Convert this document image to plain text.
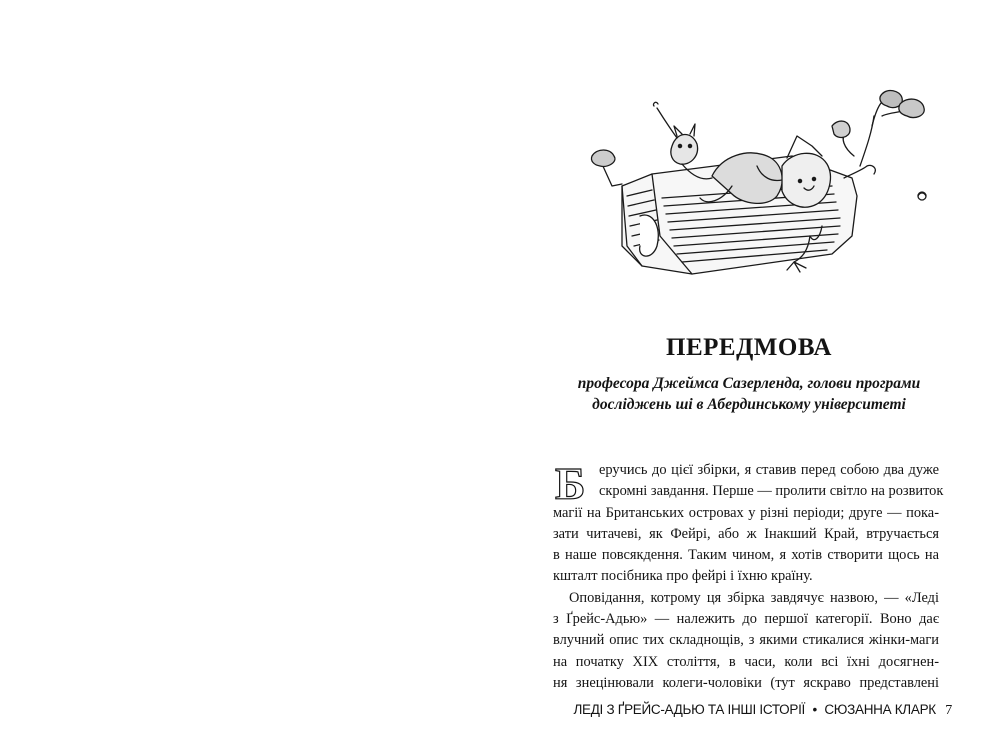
ПЕРЕДМОВА

професора Джеймса Сазерленда, голови програми
досліджень ші в Абердинському університеті

Б еручись до цієї збірки, я ставив перед собою два дуже
скромні завдання. Перше — пролити світло на розвиток
магії на Британських островах у різні періоди; друге — пока-
зати читачеві, як Фейрі, або ж Інакший Край, втручається
в наше повсякдення. Таким чином, я хотів створити щось на
кшталт посібника про фейрі і їхню країну.
Оповідання, котрому ця збірка завдячує назвою, — «Леді
з Ґрейс-Адью» — належить до першої категорії. Воно дає
влучний опис тих складнощів, з якими стикалися жінки-маги
на початку XIX століття, в часи, коли всі їхні досягнен-
ня знецінювали колеги-чоловіки (тут яскраво представлені
ЛЕДІ З ҐРЕЙС-АДЬЮ ТА ІНШІ ІСТОРІЇ • СЮЗАННА КЛАРК 7
